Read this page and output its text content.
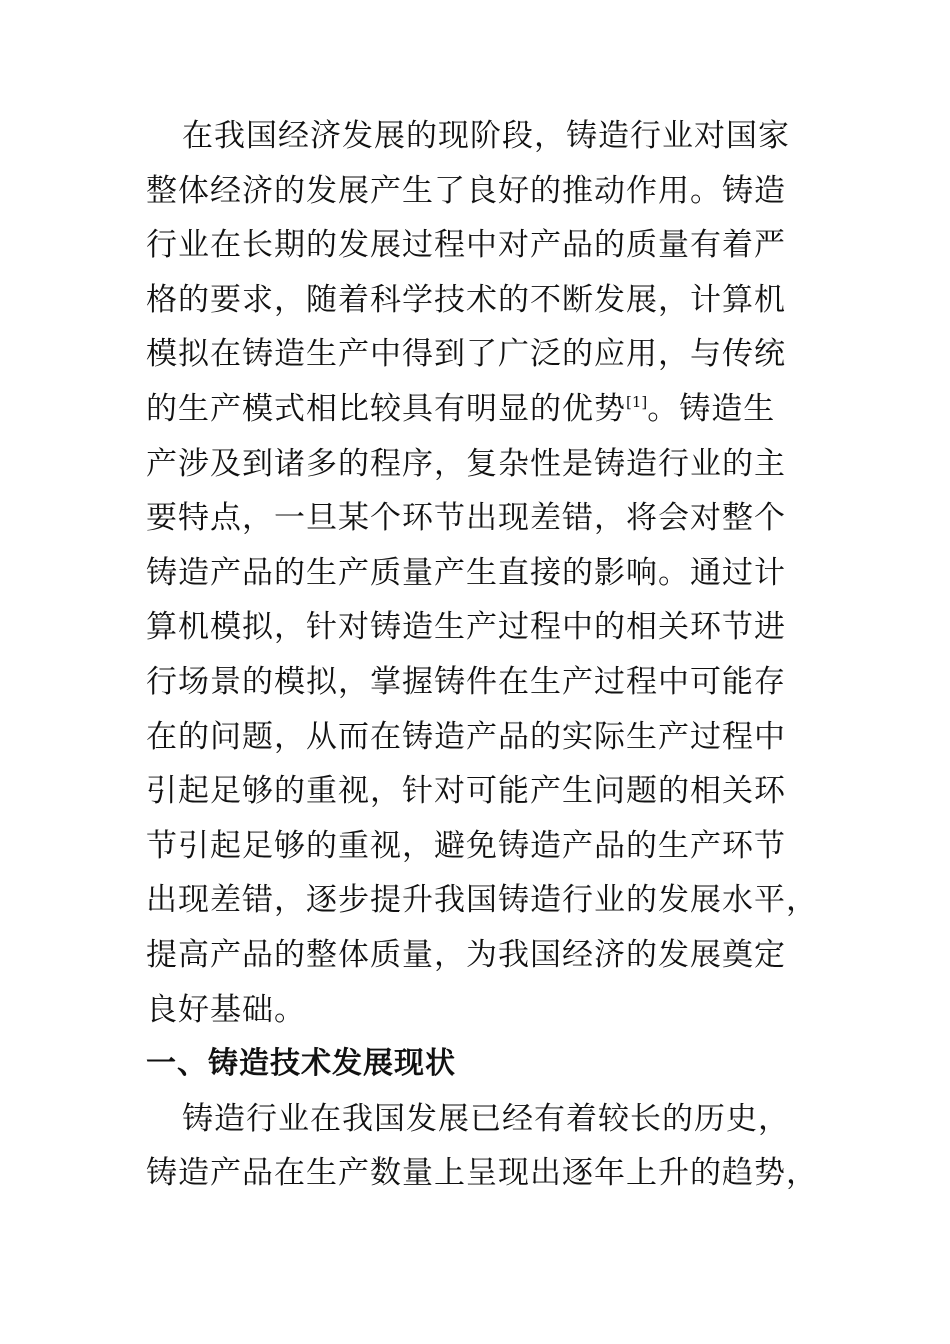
在我国经济发展的现阶段，铸造行业对国家
整体经济的发展产生了良好的推动作用。铸造
行业在长期的发展过程中对产品的质量有着严
格的要求，随着科学技术的不断发展，计算机
模拟在铸造生产中得到了广泛的应用，与传统
的生产模式相比较具有明显的优势[1]。铸造生
产涉及到诸多的程序，复杂性是铸造行业的主
要特点，一旦某个环节出现差错，将会对整个
铸造产品的生产质量产生直接的影响。通过计
算机模拟，针对铸造生产过程中的相关环节进
行场景的模拟，掌握铸件在生产过程中可能存
在的问题，从而在铸造产品的实际生产过程中
引起足够的重视，针对可能产生问题的相关环
节引起足够的重视，避免铸造产品的生产环节
出现差错，逐步提升我国铸造行业的发展水平，
提高产品的整体质量，为我国经济的发展奠定
良好基础。
一、铸造技术发展现状
铸造行业在我国发展已经有着较长的历史，
铸造产品在生产数量上呈现出逐年上升的趋势，
